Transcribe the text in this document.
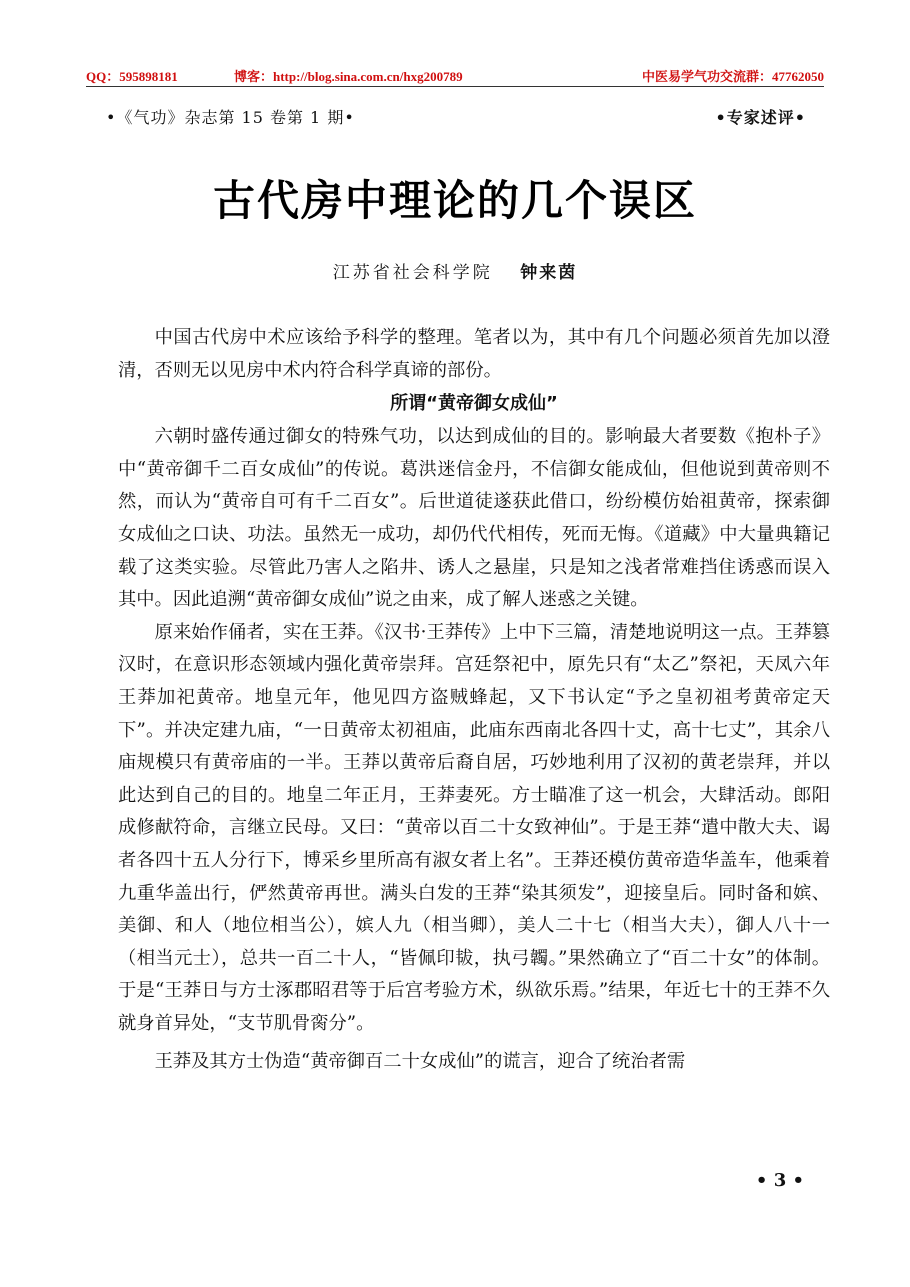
QQ：595898181	博客：http://blog.sina.com.cn/hxg200789	中医易学气功交流群：47762050
•《气功》杂志第 15 卷第 1 期•	•专家述评•
古代房中理论的几个误区
江苏省社会科学院 钟来茵

中国古代房中术应该给予科学的整理。笔者以为，其中有几个问题必须首先加以澄清，否则无以见房中术内符合科学真谛的部份。

所谓“黄帝御女成仙”

六朝时盛传通过御女的特殊气功，以达到成仙的目的。影响最大者要数《抱朴子》中“黄帝御千二百女成仙”的传说。葛洪迷信金丹，不信御女能成仙，但他说到黄帝则不然，而认为“黄帝自可有千二百女”。后世道徒遂获此借口，纷纷模仿始祖黄帝，探索御女成仙之口诀、功法。虽然无一成功，却仍代代相传，死而无悔。《道藏》中大量典籍记载了这类实验。尽管此乃害人之陷井、诱人之悬崖，只是知之浅者常难挡住诱惑而误入其中。因此追溯“黄帝御女成仙”说之由来，成了解人迷惑之关键。

原来始作俑者，实在王莽。《汉书·王莽传》上中下三篇，清楚地说明这一点。王莽篡汉时，在意识形态领域内强化黄帝崇拜。宫廷祭祀中，原先只有“太乙”祭祀，天凤六年王莽加祀黄帝。地皇元年，他见四方盗贼蜂起，又下书认定“予之皇初祖考黄帝定天下”。并决定建九庙，“一日黄帝太初祖庙，此庙东西南北各四十丈，高十七丈”，其余八庙规模只有黄帝庙的一半。王莽以黄帝后裔自居，巧妙地利用了汉初的黄老崇拜，并以此达到自己的目的。地皇二年正月，王莽妻死。方士瞄准了这一机会，大肆活动。郎阳成修献符命，言继立民母。又曰：“黄帝以百二十女致神仙”。于是王莽“遣中散大夫、谒者各四十五人分行下，博采乡里所高有淑女者上名”。王莽还模仿黄帝造华盖车，他乘着九重华盖出行，俨然黄帝再世。满头白发的王莽“染其须发”，迎接皇后。同时备和嫔、美御、和人（地位相当公），嫔人九（相当卿），美人二十七（相当大夫），御人八十一（相当元士），总共一百二十人，“皆佩印韨，执弓韣。”果然确立了“百二十女”的体制。于是“王莽日与方士涿郡昭君等于后宫考验方术，纵欲乐焉。”结果，年近七十的王莽不久就身首异处，“支节肌骨脔分”。

王莽及其方士伪造“黄帝御百二十女成仙”的谎言，迎合了统治者需

• 3 •
